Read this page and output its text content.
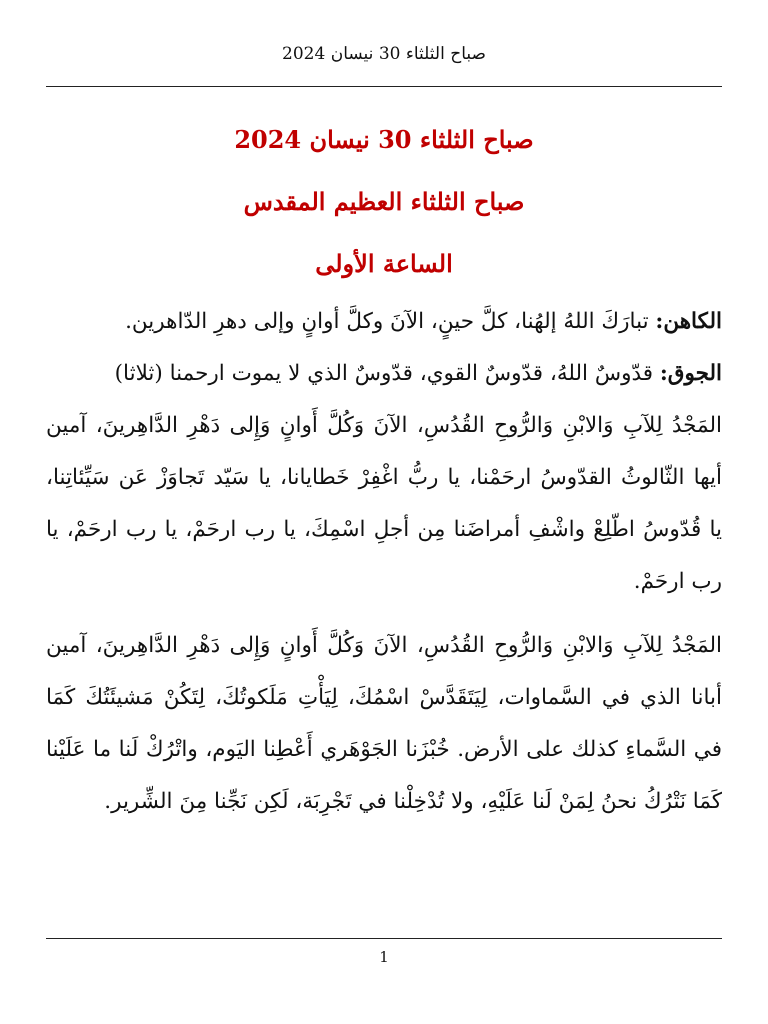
صباح الثلثاء 30 نيسان 2024

صباح الثلثاء 30 نيسان 2024

صباح الثلثاء العظيم المقدس

الساعة الأولى

الكاهن: تبارَكَ اللهُ إلهُنا، كلَّ حينٍ، الآنَ وكلَّ أوانٍ وإلى دهرِ الدّاهرين.
الجوق: قدّوسٌ اللهُ، قدّوسٌ القوي، قدّوسٌ الذي لا يموت ارحمنا (ثلاثا)
المَجْدُ لِلآبِ وَالابْنِ وَالرُّوحِ القُدُسِ، الآنَ وَكُلَّ أَوانٍ وَإِلى دَهْرِ الدَّاهِرينَ، آمين
أيها الثّالوثُ القدّوسُ ارحَمْنا، يا ربُّ اغْفِرْ خَطايانا، يا سَيّد تَجاوَزْ عَن سَيِّئاتِنا،
يا قُدّوسُ اطّلِعْ واشْفِ أمراضَنا مِن أجلِ اسْمِكَ، يا رب ارحَمْ، يا رب ارحَمْ، يا
رب ارحَمْ.
المَجْدُ لِلآبِ وَالابْنِ وَالرُّوحِ القُدُسِ، الآنَ وَكُلَّ أَوانٍ وَإِلى دَهْرِ الدَّاهِرينَ، آمين
أبانا الذي في السَّماوات، لِيَتَقَدَّسْ اسْمُكَ، لِيَأْتِ مَلَكوتُكَ، لِتَكُنْ مَشيئَتُكَ كَمَا
في السَّماءِ كذلك على الأرض. خُبْزَنا الجَوْهَري أَعْطِنا اليَوم، واتْرُكْ لَنا ما عَلَيْنا
كَمَا نَتْرُكُ نحنُ لِمَنْ لَنا عَلَيْهِ، ولا تُدْخِلْنا في تَجْرِبَة، لَكِن نَجِّنا مِنَ الشِّرير.
1
